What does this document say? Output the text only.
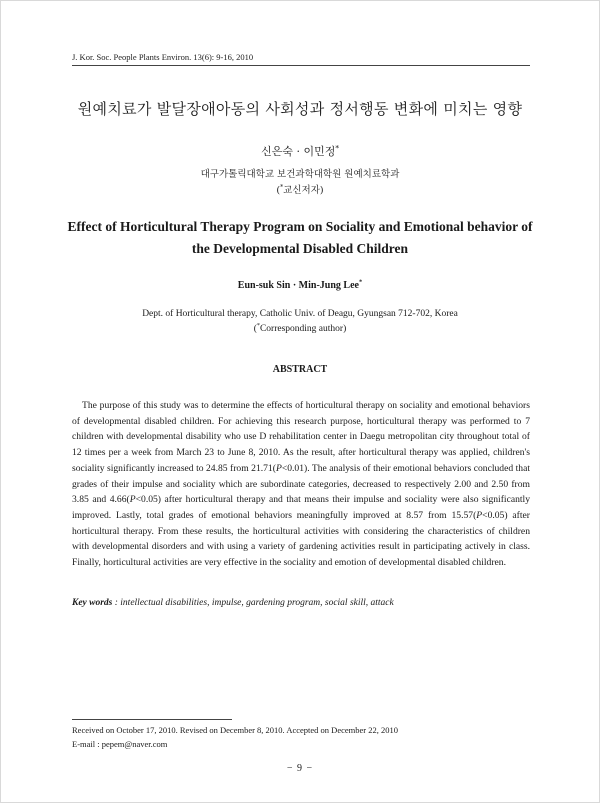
J. Kor. Soc. People Plants Environ. 13(6): 9-16, 2010
원예치료가 발달장애아동의 사회성과 정서행동 변화에 미치는 영향
신은숙 · 이민정*
대구가톨릭대학교 보건과학대학원 원예치료학과
(*교신저자)
Effect of Horticultural Therapy Program on Sociality and Emotional behavior of the Developmental Disabled Children
Eun-suk Sin · Min-Jung Lee*
Dept. of Horticultural therapy, Catholic Univ. of Deagu, Gyungsan 712-702, Korea
(*Corresponding author)
ABSTRACT

The purpose of this study was to determine the effects of horticultural therapy on sociality and emotional behaviors of developmental disabled children. For achieving this research purpose, horticultural therapy was performed to 7 children with developmental disability who use D rehabilitation center in Daegu metropolitan city throughout total of 12 times per a week from March 23 to June 8, 2010. As the result, after horticultural therapy was applied, children's sociality significantly increased to 24.85 from 21.71(P<0.01). The analysis of their emotional behaviors concluded that grades of their impulse and sociality which are subordinate categories, decreased to respectively 2.00 and 2.50 from 3.85 and 4.66(P<0.05) after horticultural therapy and that means their impulse and sociality were also significantly improved. Lastly, total grades of emotional behaviors meaningfully improved at 8.57 from 15.57(P<0.05) after horticultural therapy. From these results, the horticultural activities with considering the characteristics of children with developmental disorders and with using a variety of gardening activities result in participating actively in class. Finally, horticultural activities are very effective in the sociality and emotion of developmental disabled children.

Key words : intellectual disabilities, impulse, gardening program, social skill, attack
Received on October 17, 2010. Revised on December 8, 2010. Accepted on December 22, 2010
E-mail : pepem@naver.com
− 9 −
